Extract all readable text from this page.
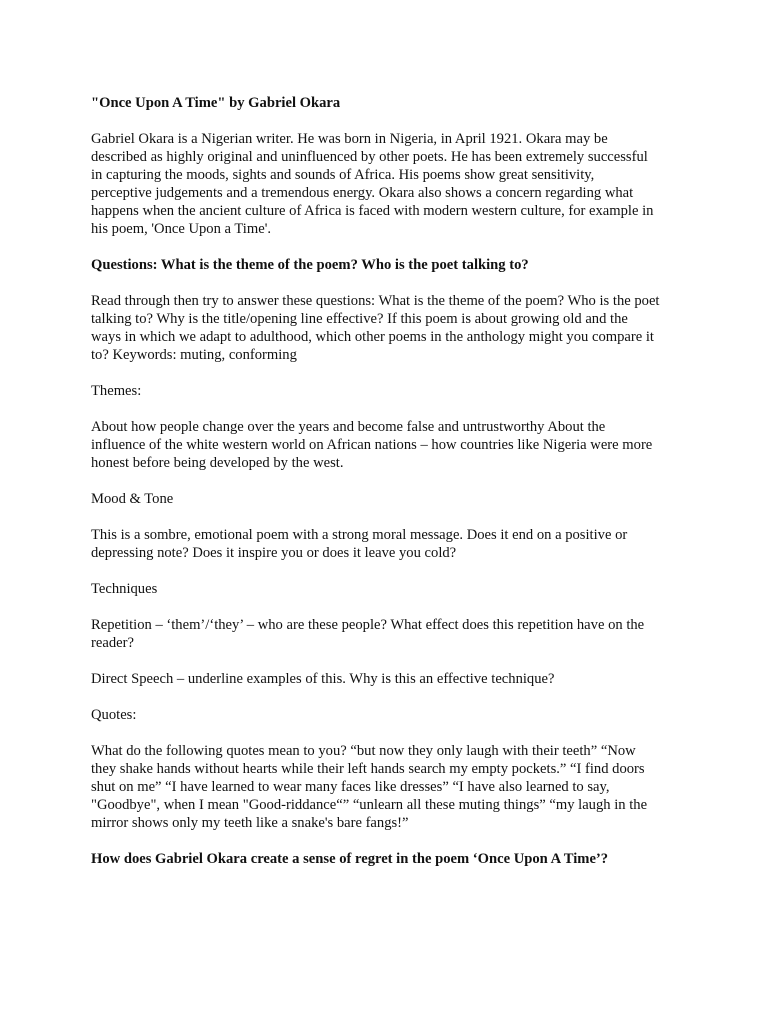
"Once Upon A Time" by Gabriel Okara

Gabriel Okara is a Nigerian writer. He was born in Nigeria, in April 1921. Okara may be
described as highly original and uninfluenced by other poets. He has been extremely successful
in capturing the moods, sights and sounds of Africa. His poems show great sensitivity,
perceptive judgements and a tremendous energy. Okara also shows a concern regarding what
happens when the ancient culture of Africa is faced with modern western culture, for example in
his poem, 'Once Upon a Time'.

Questions: What is the theme of the poem? Who is the poet talking to?

Read through then try to answer these questions: What is the theme of the poem? Who is the poet
talking to? Why is the title/opening line effective? If this poem is about growing old and the
ways in which we adapt to adulthood, which other poems in the anthology might you compare it
to? Keywords: muting, conforming

Themes:

About how people change over the years and become false and untrustworthy About the
influence of the white western world on African nations – how countries like Nigeria were more
honest before being developed by the west.

Mood & Tone

This is a sombre, emotional poem with a strong moral message. Does it end on a positive or
depressing note? Does it inspire you or does it leave you cold?

Techniques

Repetition – ‘them’/‘they’ – who are these people? What effect does this repetition have on the
reader?

Direct Speech – underline examples of this. Why is this an effective technique?

Quotes:

What do the following quotes mean to you? “but now they only laugh with their teeth” “Now
they shake hands without hearts while their left hands search my empty pockets.” “I find doors
shut on me” “I have learned to wear many faces like dresses” “I have also learned to say,
"Goodbye", when I mean "Good-riddance“” “unlearn all these muting things” “my laugh in the
mirror shows only my teeth like a snake's bare fangs!”

How does Gabriel Okara create a sense of regret in the poem ‘Once Upon A Time’?
